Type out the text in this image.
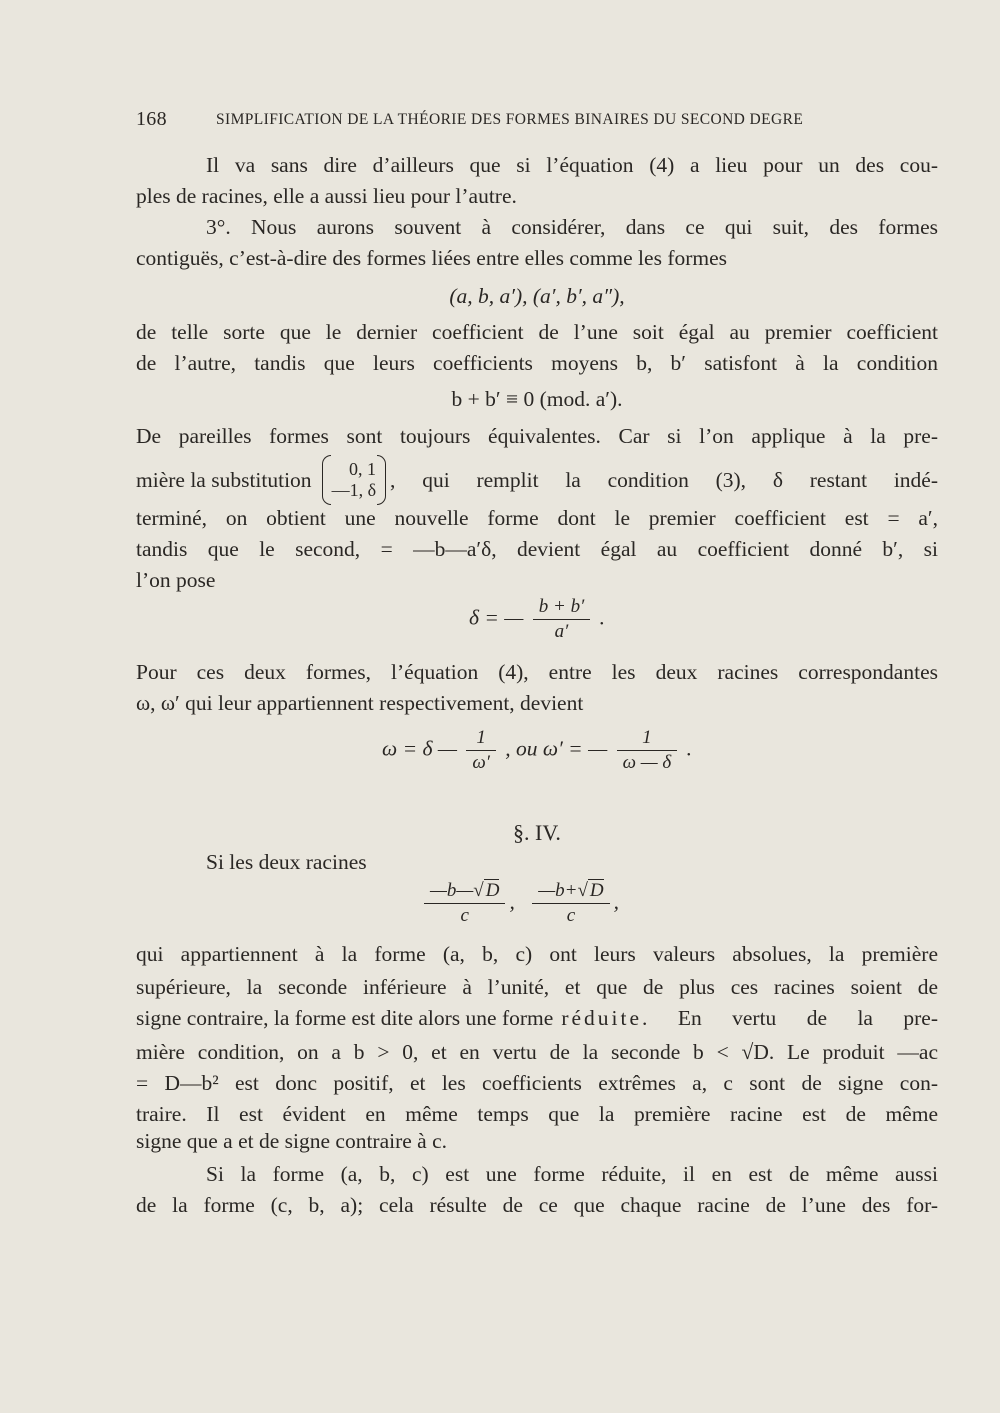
168	SIMPLIFICATION DE LA THÉORIE DES FORMES BINAIRES DU SECOND DEGRE
Il va sans dire d’ailleurs que si l’équation (4) a lieu pour un des cou-
ples de racines, elle a aussi lieu pour l’autre.
3°. Nous aurons souvent à considérer, dans ce qui suit, des formes
contiguës, c’est-à-dire des formes liées entre elles comme les formes
(a, b, a′), (a′, b′, a″),
de telle sorte que le dernier coefficient de l’une soit égal au premier coefficient
de l’autre, tandis que leurs coefficients moyens b, b′ satisfont à la condition
b + b′ ≡ 0 (mod. a′).
De pareilles formes sont toujours équivalentes. Car si l’on applique à la pre-
mière la substitution	0, 1
—1, δ , qui remplit la condition (3), δ restant indé-
terminé, on obtient une nouvelle forme dont le premier coefficient est = a′,
tandis que le second, = —b—a′δ, devient égal au coefficient donné b′, si
l’on pose
δ = — $\frac{b + b'}{a'}$ .
Pour ces deux formes, l’équation (4), entre les deux racines correspondantes
ω, ω′ qui leur appartiennent respectivement, devient
ω = δ — $\frac{1}{\omega'}$ , ou ω′ = — $\frac{1}{\omega — \delta}$ .
§. IV.
Si les deux racines
$\frac{—b—√ D}{c}$ , $\frac{—b+√ D}{c}$ ,
qui appartiennent à la forme (a, b, c) ont leurs valeurs absolues, la première
supérieure, la seconde inférieure à l’unité, et que de plus ces racines soient de
signe contraire, la forme est dite alors une forme réduite . En vertu de la pre-
mière condition, on a b > 0, et en vertu de la seconde b < √D. Le produit —ac
= D—b² est donc positif, et les coefficients extrêmes a, c sont de signe con-
traire. Il est évident en même temps que la première racine est de même
signe que a et de signe contraire à c.
Si la forme (a, b, c) est une forme réduite, il en est de même aussi
de la forme (c, b, a); cela résulte de ce que chaque racine de l’une des for-
